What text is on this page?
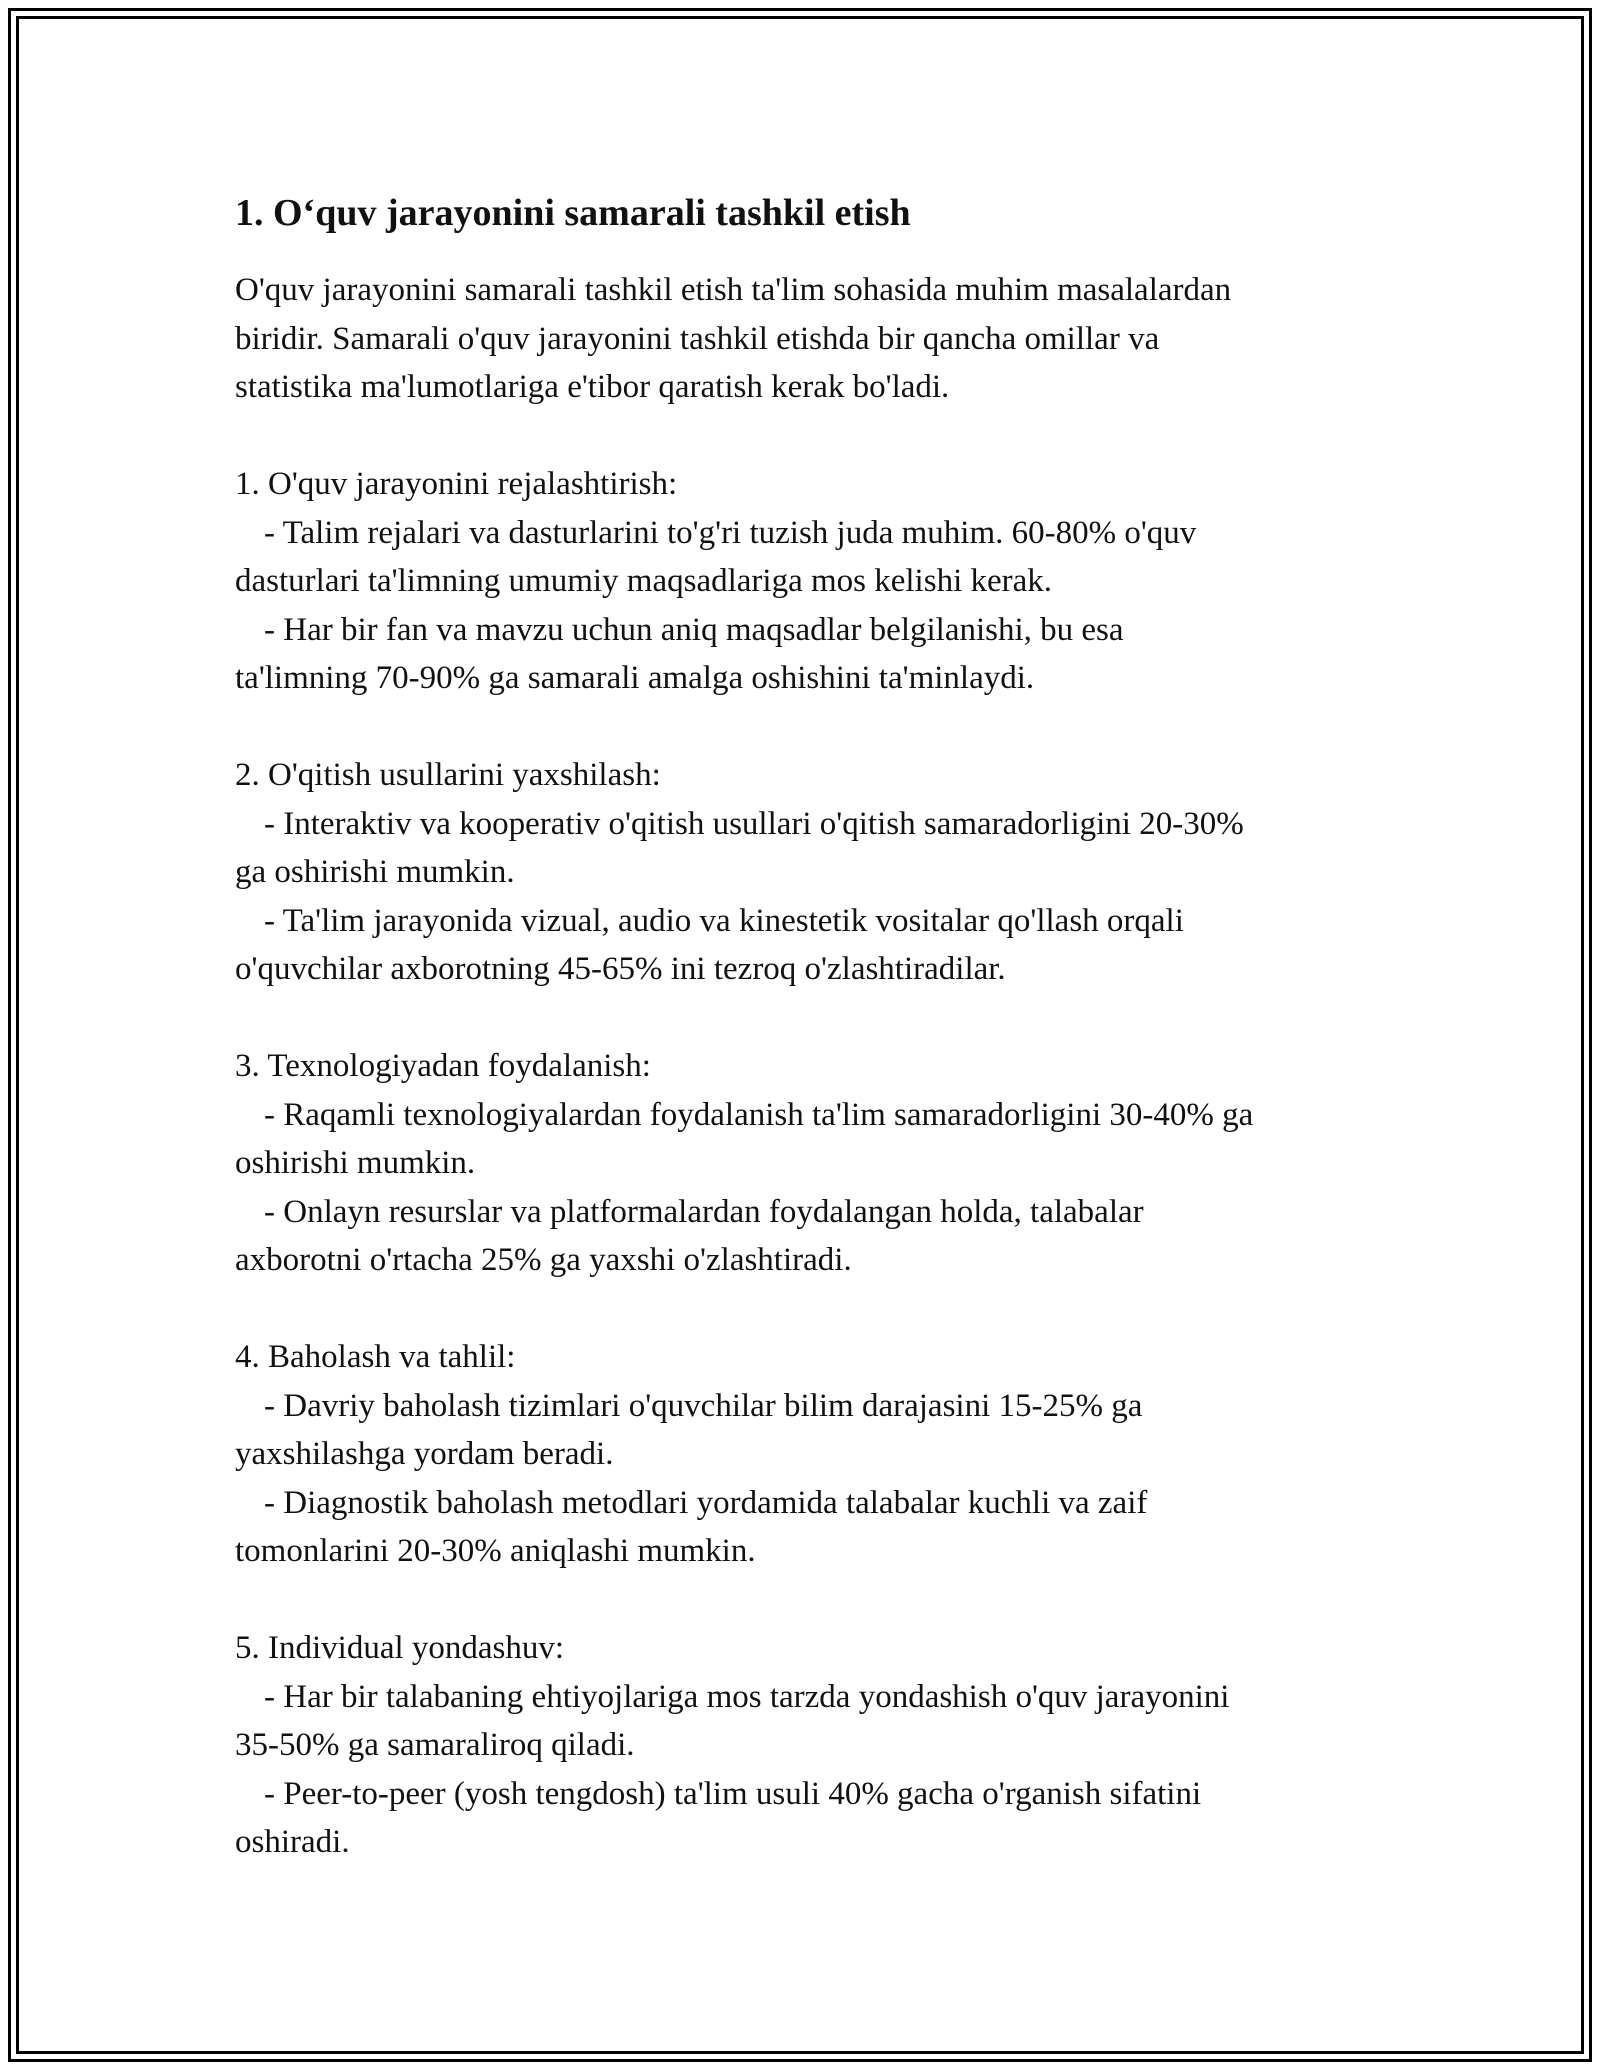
1. O‘quv jarayonini samarali tashkil etish

O'quv jarayonini samarali tashkil etish ta'lim sohasida muhim masalalardan

biridir. Samarali o'quv jarayonini tashkil etishda bir qancha omillar va

statistika ma'lumotlariga e'tibor qaratish kerak bo'ladi.

1. O'quv jarayonini rejalashtirish:

- Talim rejalari va dasturlarini to'g'ri tuzish juda muhim. 60-80% o'quv

dasturlari ta'limning umumiy maqsadlariga mos kelishi kerak.

- Har bir fan va mavzu uchun aniq maqsadlar belgilanishi, bu esa

ta'limning 70-90% ga samarali amalga oshishini ta'minlaydi.

2. O'qitish usullarini yaxshilash:

- Interaktiv va kooperativ o'qitish usullari o'qitish samaradorligini 20-30%

ga oshirishi mumkin.

- Ta'lim jarayonida vizual, audio va kinestetik vositalar qo'llash orqali

o'quvchilar axborotning 45-65% ini tezroq o'zlashtiradilar.

3. Texnologiyadan foydalanish:

- Raqamli texnologiyalardan foydalanish ta'lim samaradorligini 30-40% ga

oshirishi mumkin.

- Onlayn resurslar va platformalardan foydalangan holda, talabalar

axborotni o'rtacha 25% ga yaxshi o'zlashtiradi.

4. Baholash va tahlil:

- Davriy baholash tizimlari o'quvchilar bilim darajasini 15-25% ga

yaxshilashga yordam beradi.

- Diagnostik baholash metodlari yordamida talabalar kuchli va zaif

tomonlarini 20-30% aniqlashi mumkin.

5. Individual yondashuv:

- Har bir talabaning ehtiyojlariga mos tarzda yondashish o'quv jarayonini

35-50% ga samaraliroq qiladi.

- Peer-to-peer (yosh tengdosh) ta'lim usuli 40% gacha o'rganish sifatini

oshiradi.
